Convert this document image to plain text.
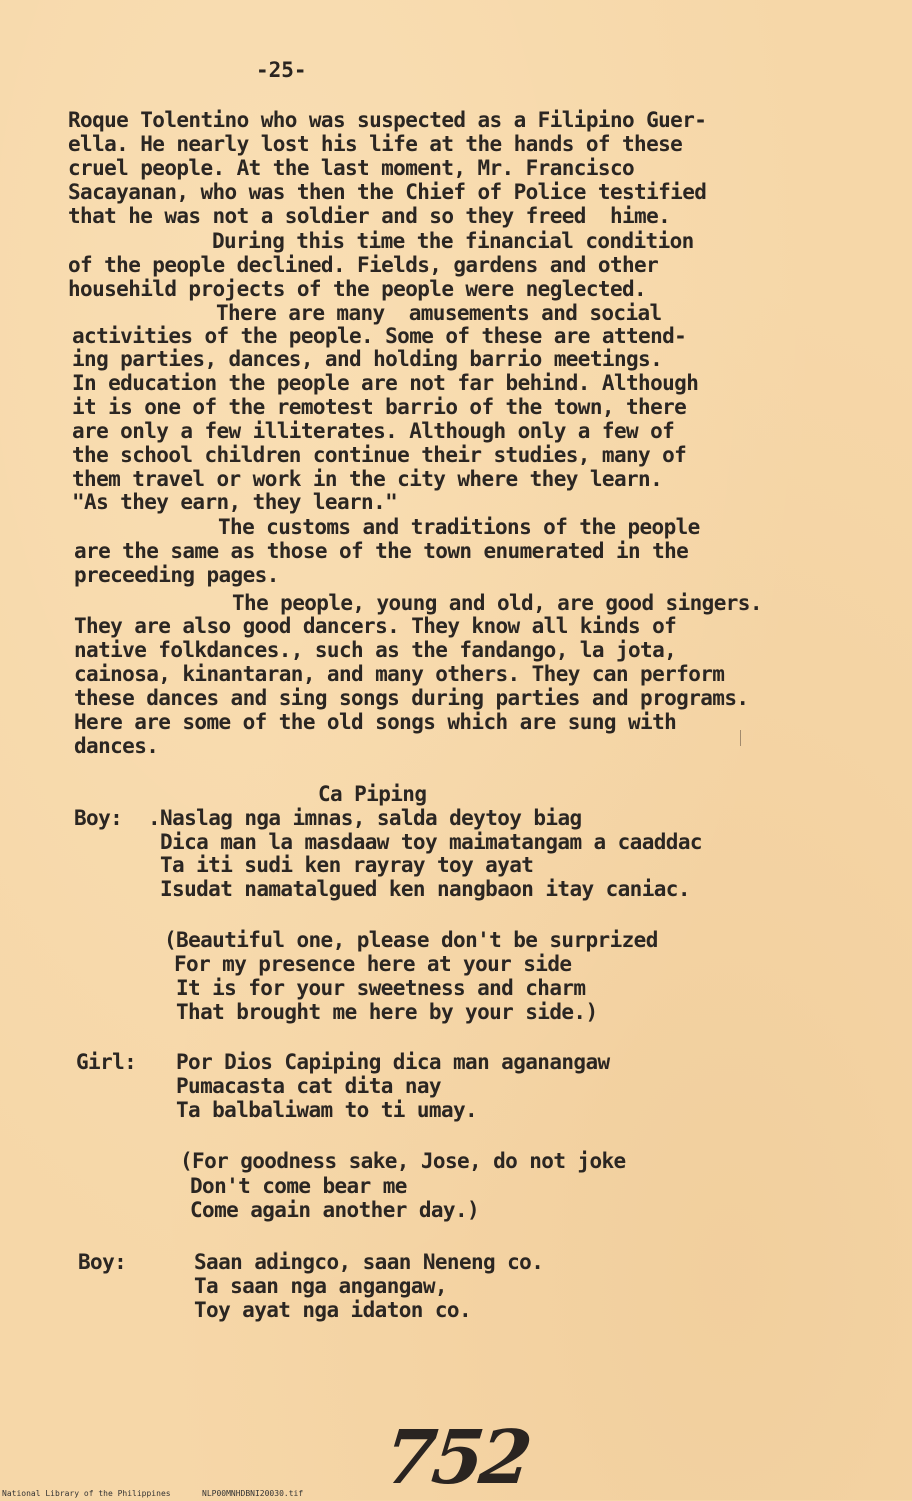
-25-
Roque Tolentino who was suspected as a Filipino Guer-
ella. He nearly lost his life at the hands of these
cruel people. At the last moment, Mr. Francisco
Sacayanan, who was then the Chief of Police testified
that he was not a soldier and so they freed  hime.
During this time the financial condition
of the people declined. Fields, gardens and other
househild projects of the people were neglected.
There are many  amusements and social
activities of the people. Some of these are attend-
ing parties, dances, and holding barrio meetings.
In education the people are not far behind. Although
it is one of the remotest barrio of the town, there
are only a few illiterates. Although only a few of
the school children continue their studies, many of
them travel or work in the city where they learn.
"As they earn, they learn."
The customs and traditions of the people
are the same as those of the town enumerated in the
preceeding pages.
The people, young and old, are good singers.
They are also good dancers. They know all kinds of
native folkdances., such as the fandango, la jota,
cainosa, kinantaran, and many others. They can perform
these dances and sing songs during parties and programs.
Here are some of the old songs which are sung with
dances.
Ca Piping
Boy: .Naslag nga imnas, salda deytoy biag
Dica man la masdaaw toy maimatangam a caaddac
Ta iti sudi ken rayray toy ayat
Isudat namatalgued ken nangbaon itay caniac.
(Beautiful one, please don't be surprized
For my presence here at your side
It is for your sweetness and charm
That brought me here by your side.)
Girl: Por Dios Capiping dica man aganangaw
Pumacasta cat dita nay
Ta balbaliwam to ti umay.
(For goodness sake, Jose, do not joke
Don't come bear me
Come again another day.)
Boy:	Saan adingco, saan Neneng co.
Ta saan nga angangaw,
Toy ayat nga idaton co.
752
National Library of the Philippines	NLP00MNHDBNI20030.tif
